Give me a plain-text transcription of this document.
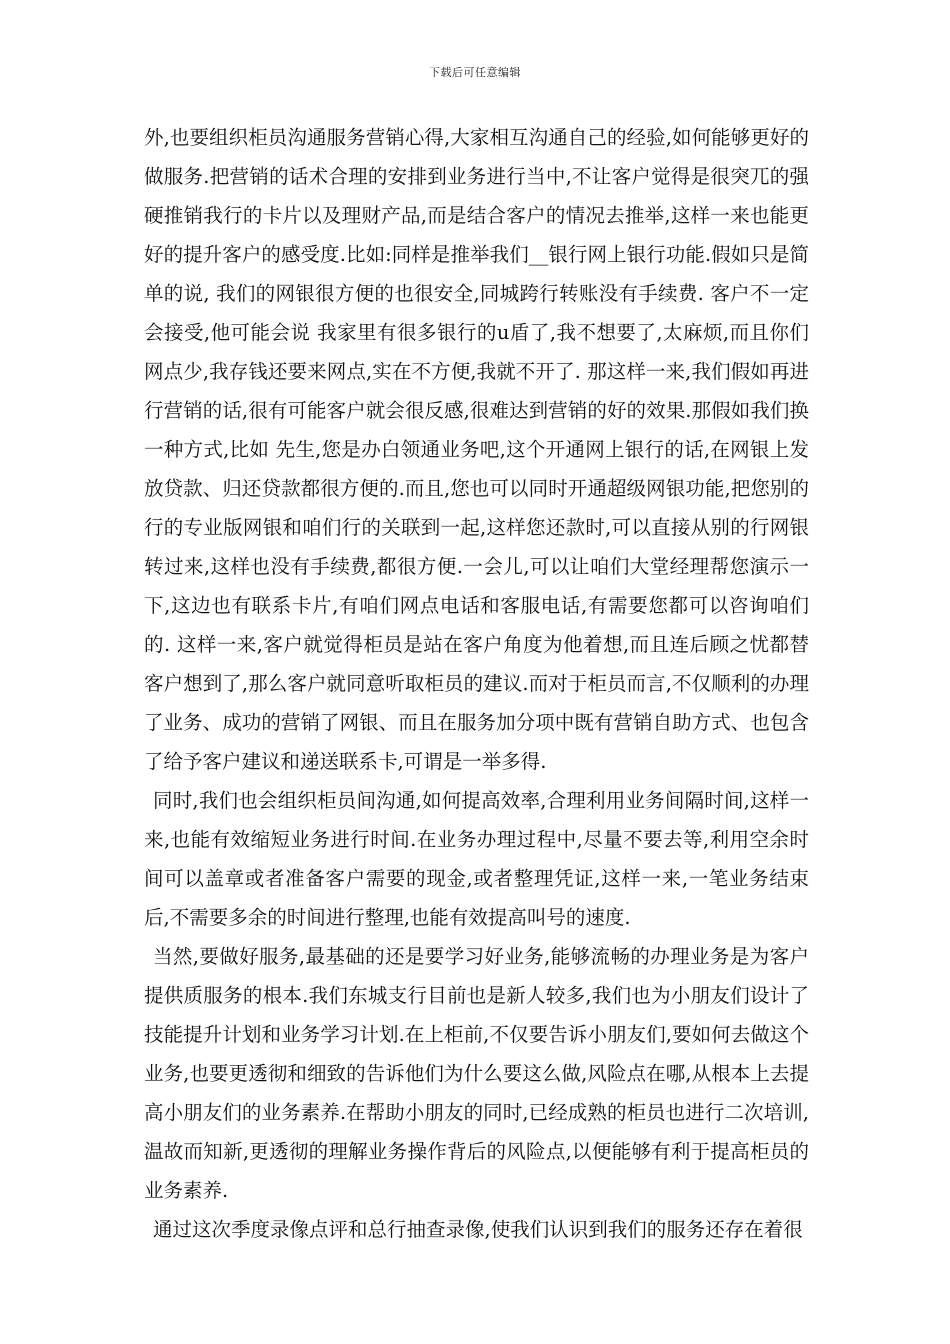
下载后可任意编辑

外,也要组织柜员沟通服务营销心得,大家相互沟通自己的经验,如何能够更好的做服务.把营销的话术合理的安排到业务进行当中,不让客户觉得是很突兀的强硬推销我行的卡片以及理财产品,而是结合客户的情况去推举,这样一来也能更好的提升客户的感受度.比如:同样是推举我们__银行网上银行功能.假如只是简单的说, 我们的网银很方便的也很安全,同城跨行转账没有手续费. 客户不一定会接受,他可能会说 我家里有很多银行的u盾了,我不想要了,太麻烦,而且你们网点少,我存钱还要来网点,实在不方便,我就不开了. 那这样一来,我们假如再进行营销的话,很有可能客户就会很反感,很难达到营销的好的效果.那假如我们换一种方式,比如 先生,您是办白领通业务吧,这个开通网上银行的话,在网银上发放贷款、归还贷款都很方便的.而且,您也可以同时开通超级网银功能,把您别的行的专业版网银和咱们行的关联到一起,这样您还款时,可以直接从别的行网银转过来,这样也没有手续费,都很方便.一会儿,可以让咱们大堂经理帮您演示一下,这边也有联系卡片,有咱们网点电话和客服电话,有需要您都可以咨询咱们的. 这样一来,客户就觉得柜员是站在客户角度为他着想,而且连后顾之忧都替客户想到了,那么客户就同意听取柜员的建议.而对于柜员而言,不仅顺利的办理了业务、成功的营销了网银、而且在服务加分项中既有营销自助方式、也包含了给予客户建议和递送联系卡,可谓是一举多得.

同时,我们也会组织柜员间沟通,如何提高效率,合理利用业务间隔时间,这样一来,也能有效缩短业务进行时间.在业务办理过程中,尽量不要去等,利用空余时间可以盖章或者准备客户需要的现金,或者整理凭证,这样一来,一笔业务结束后,不需要多余的时间进行整理,也能有效提高叫号的速度.

当然,要做好服务,最基础的还是要学习好业务,能够流畅的办理业务是为客户提供质服务的根本.我们东城支行目前也是新人较多,我们也为小朋友们设计了技能提升计划和业务学习计划.在上柜前,不仅要告诉小朋友们,要如何去做这个业务,也要更透彻和细致的告诉他们为什么要这么做,风险点在哪,从根本上去提高小朋友们的业务素养.在帮助小朋友的同时,已经成熟的柜员也进行二次培训,温故而知新,更透彻的理解业务操作背后的风险点,以便能够有利于提高柜员的业务素养.

通过这次季度录像点评和总行抽查录像,使我们认识到我们的服务还存在着很
